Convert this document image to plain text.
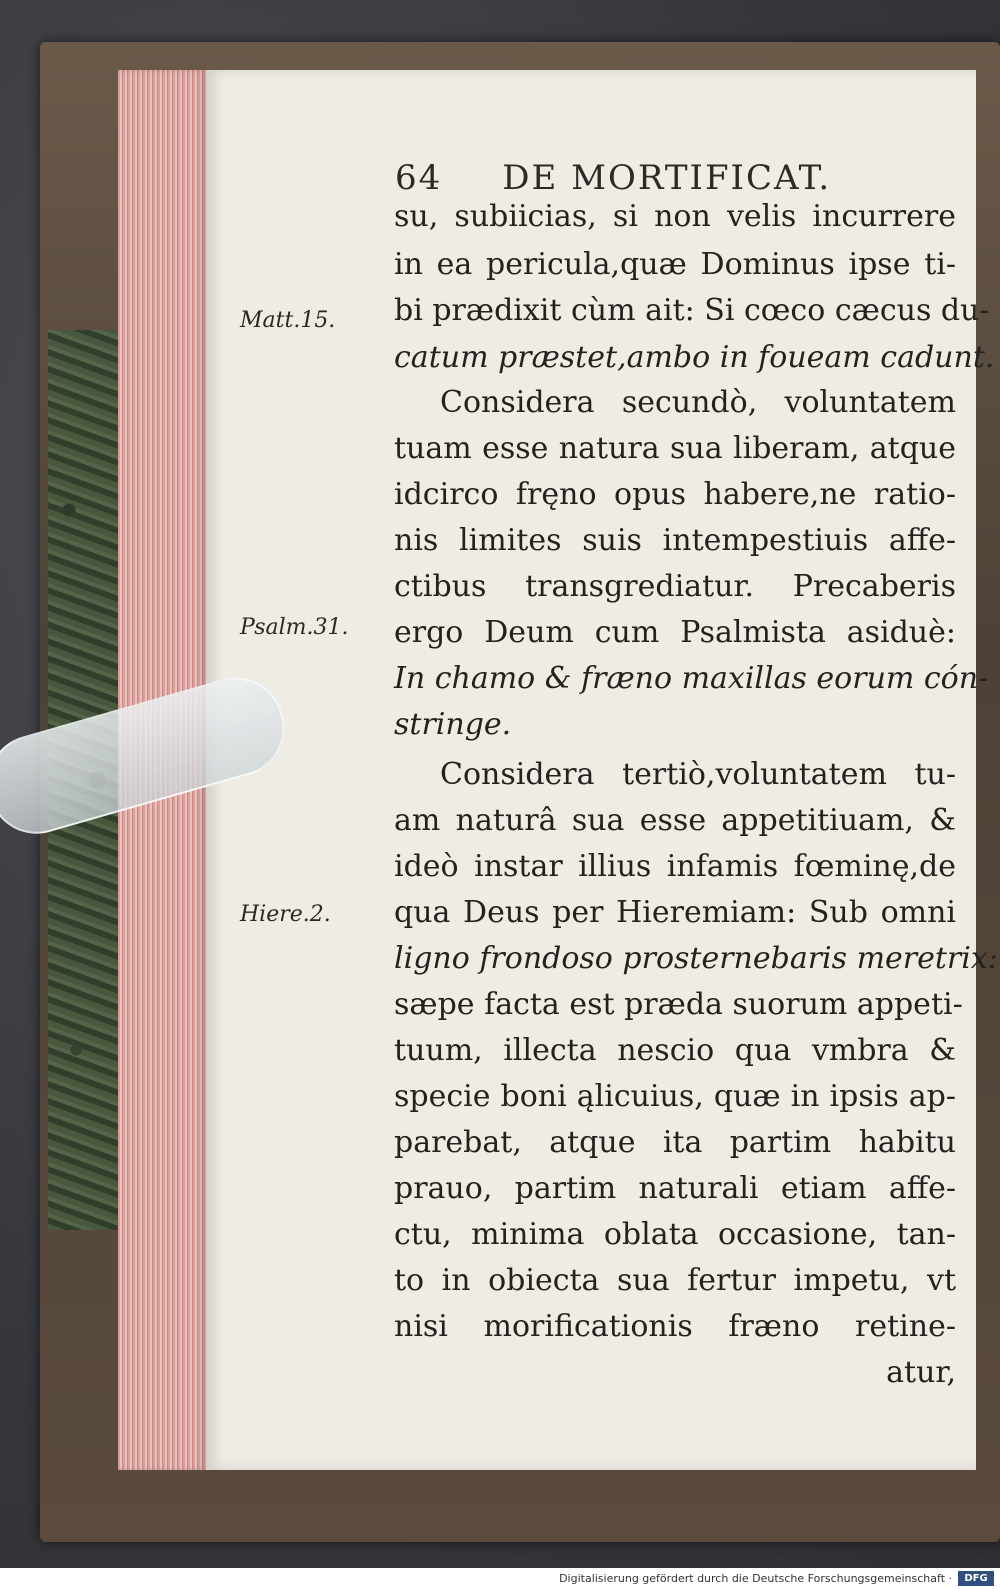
64 DE MORTIFICAT.
Matt.15.
Psalm.31.
Hiere.2.
su, subiicias, si non velis incurrere
in ea pericula,quæ Dominus ipse ti-
bi prædixit cùm ait: Si cœco cæcus du-
catum præstet,ambo in foueam cadunt.
Considera secundò, voluntatem
tuam esse natura sua liberam, atque
idcirco fręno opus habere,ne ratio-
nis limites suis intempestiuis affe-
ctibus transgrediatur. Precaberis
ergo Deum cum Psalmista asiduè:
In chamo & fræno maxillas eorum cón-
stringe.
Considera tertiò,voluntatem tu-
am naturâ sua esse appetitiuam, &
ideò instar illius infamis fœminę,de
qua Deus per Hieremiam: Sub omni
ligno frondoso prosternebaris meretrix:
sæpe facta est præda suorum appeti-
tuum, illecta nescio qua vmbra &
specie boni ąlicuius, quæ in ipsis ap-
parebat, atque ita partim habitu
prauo, partim naturali etiam affe-
ctu, minima oblata occasione, tan-
to in obiecta sua fertur impetu, vt
nisi morificationis fræno retine-
atur,
Digitalisierung gefördert durch die Deutsche Forschungsgemeinschaft ·	DFG
